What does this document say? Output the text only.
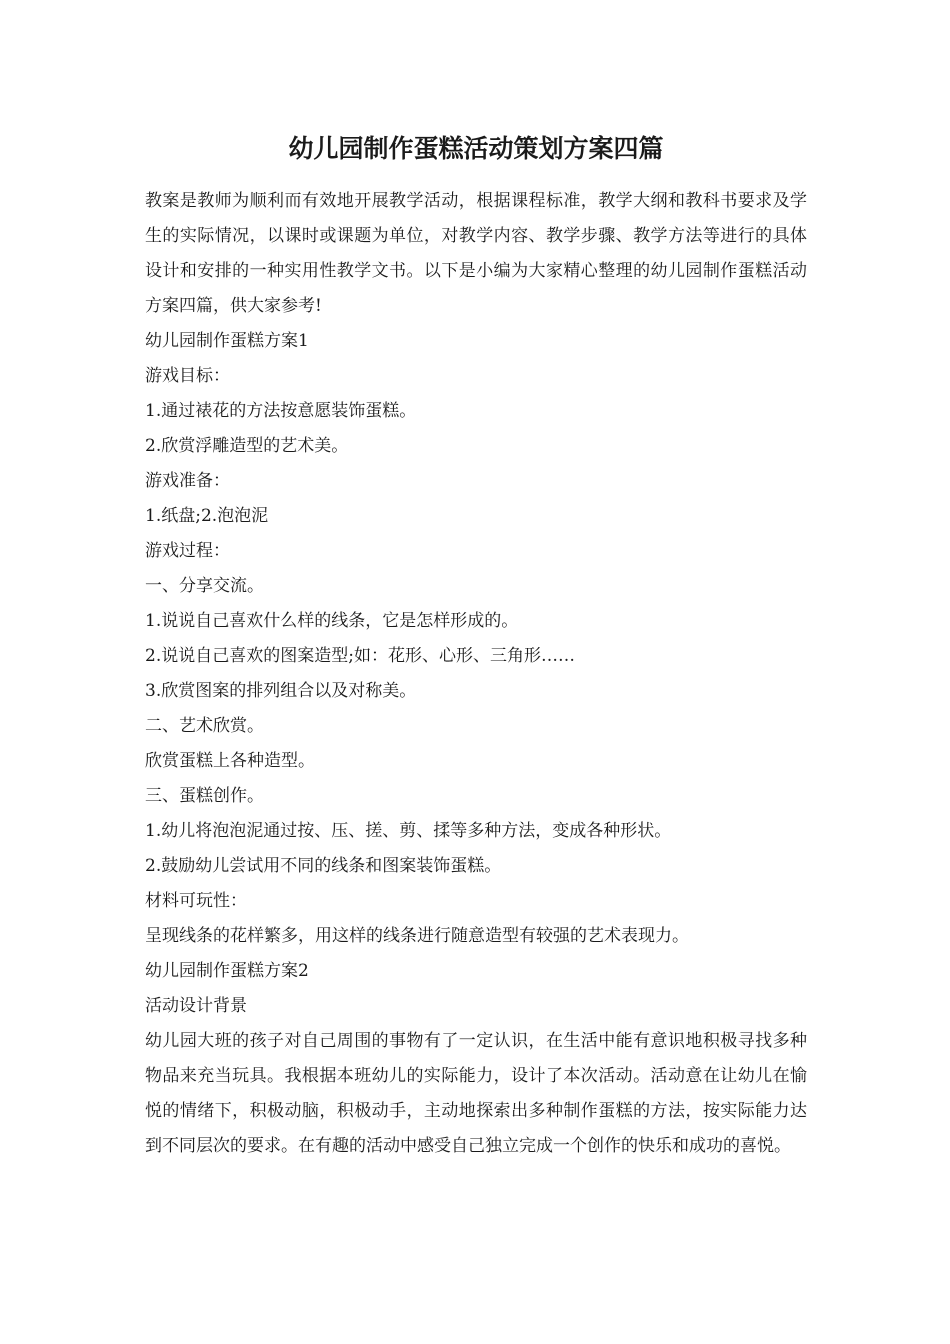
幼儿园制作蛋糕活动策划方案四篇

教案是教师为顺利而有效地开展教学活动，根据课程标准，教学大纲和教科书要求及学生的实际情况，以课时或课题为单位，对教学内容、教学步骤、教学方法等进行的具体设计和安排的一种实用性教学文书。以下是小编为大家精心整理的幼儿园制作蛋糕活动方案四篇，供大家参考!

幼儿园制作蛋糕方案1

游戏目标：

1.通过裱花的方法按意愿装饰蛋糕。

2.欣赏浮雕造型的艺术美。

游戏准备：

1.纸盘;2.泡泡泥

游戏过程：

一、分享交流。

1.说说自己喜欢什么样的线条，它是怎样形成的。

2.说说自己喜欢的图案造型;如：花形、心形、三角形……

3.欣赏图案的排列组合以及对称美。

二、艺术欣赏。

欣赏蛋糕上各种造型。

三、蛋糕创作。

1.幼儿将泡泡泥通过按、压、搓、剪、揉等多种方法，变成各种形状。

2.鼓励幼儿尝试用不同的线条和图案装饰蛋糕。

材料可玩性：

呈现线条的花样繁多，用这样的线条进行随意造型有较强的艺术表现力。

幼儿园制作蛋糕方案2

活动设计背景

幼儿园大班的孩子对自己周围的事物有了一定认识，在生活中能有意识地积极寻找多种物品来充当玩具。我根据本班幼儿的实际能力，设计了本次活动。活动意在让幼儿在愉悦的情绪下，积极动脑，积极动手，主动地探索出多种制作蛋糕的方法，按实际能力达到不同层次的要求。在有趣的活动中感受自己独立完成一个创作的快乐和成功的喜悦。
